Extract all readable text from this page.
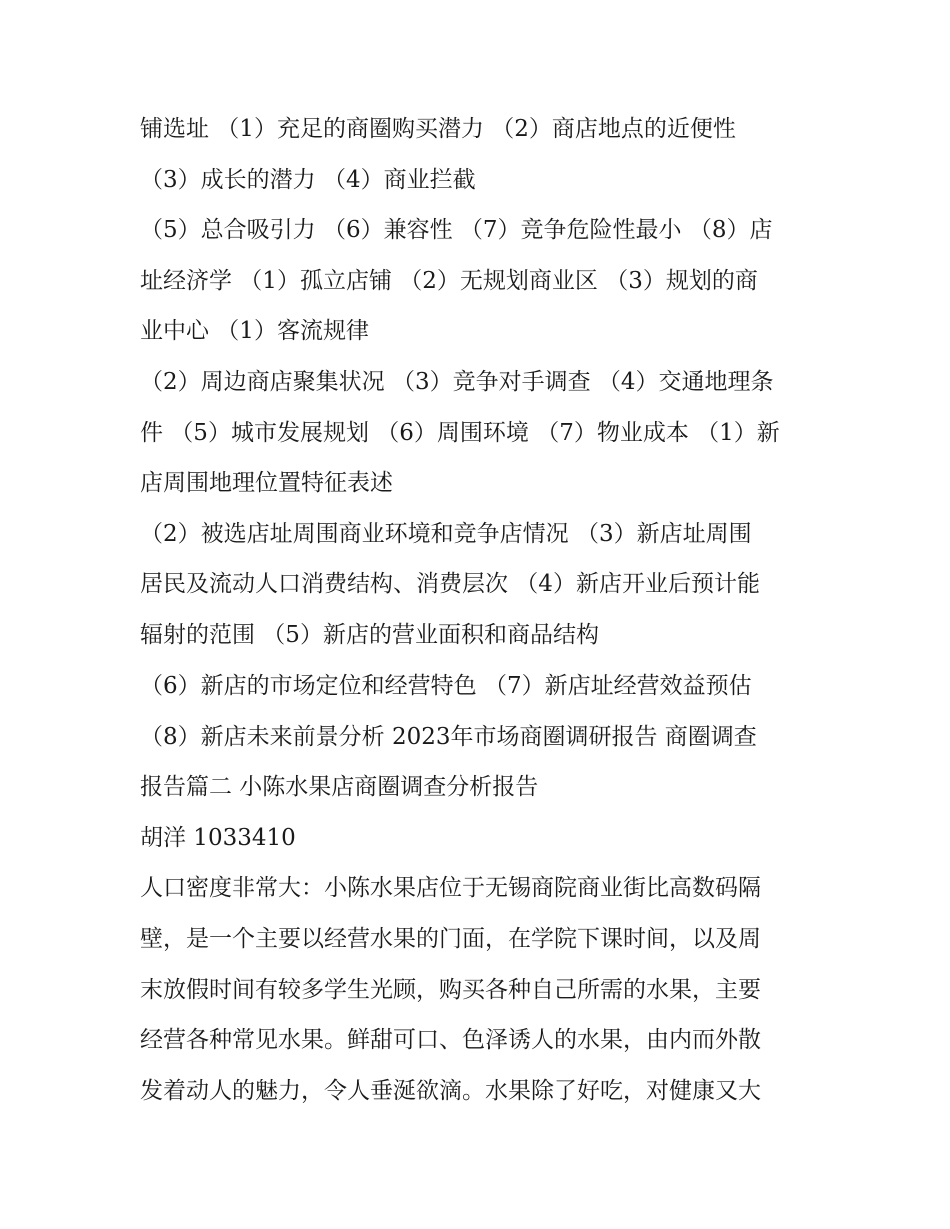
铺选址 （1）充足的商圈购买潜力 （2）商店地点的近便性
（3）成长的潜力 （4）商业拦截
（5）总合吸引力 （6）兼容性 （7）竞争危险性最小 （8）店
址经济学 （1）孤立店铺 （2）无规划商业区 （3）规划的商
业中心 （1）客流规律
（2）周边商店聚集状况 （3）竞争对手调查 （4）交通地理条
件 （5）城市发展规划 （6）周围环境 （7）物业成本 （1）新
店周围地理位置特征表述
（2）被选店址周围商业环境和竞争店情况 （3）新店址周围
居民及流动人口消费结构、消费层次 （4）新店开业后预计能
辐射的范围 （5）新店的营业面积和商品结构
（6）新店的市场定位和经营特色 （7）新店址经营效益预估
（8）新店未来前景分析 2023年市场商圈调研报告 商圈调查
报告篇二 小陈水果店商圈调查分析报告
胡洋 1033410
人口密度非常大：小陈水果店位于无锡商院商业街比高数码隔
壁，是一个主要以经营水果的门面，在学院下课时间，以及周
末放假时间有较多学生光顾，购买各种自己所需的水果，主要
经营各种常见水果。鲜甜可口、色泽诱人的水果，由内而外散
发着动人的魅力，令人垂涎欲滴。水果除了好吃，对健康又大
